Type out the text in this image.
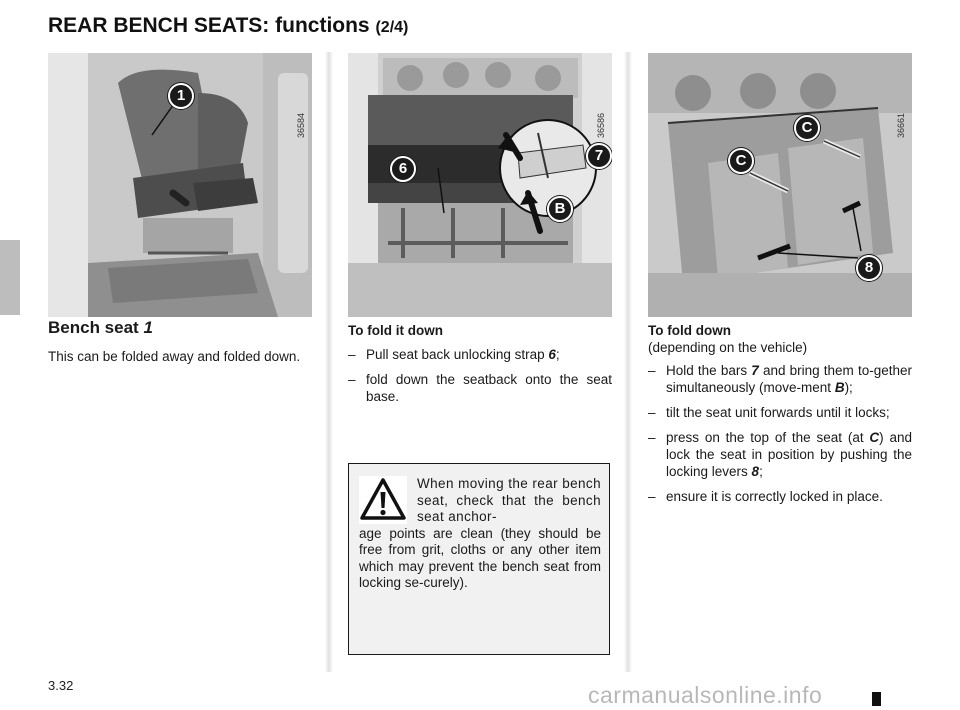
REAR BENCH SEATS: functions (2/4)
36584
1
36586
6
7
B
36661
C
C
8
Bench seat 1
This can be folded away and folded down.
To fold it down
– Pull seat back unlocking strap 6;
– fold down the seatback onto the seat base.
When moving the rear bench seat, check that the bench seat anchor-
age points are clean (they should be free from grit, cloths or any other item which may prevent the bench seat from locking se-curely).
To fold down
(depending on the vehicle)
– Hold the bars 7 and bring them to-gether simultaneously (move-ment B);
– tilt the seat unit forwards until it locks;
– press on the top of the seat (at C) and lock the seat in position by pushing the locking levers 8;
– ensure it is correctly locked in place.
3.32	carmanualsonline.info
